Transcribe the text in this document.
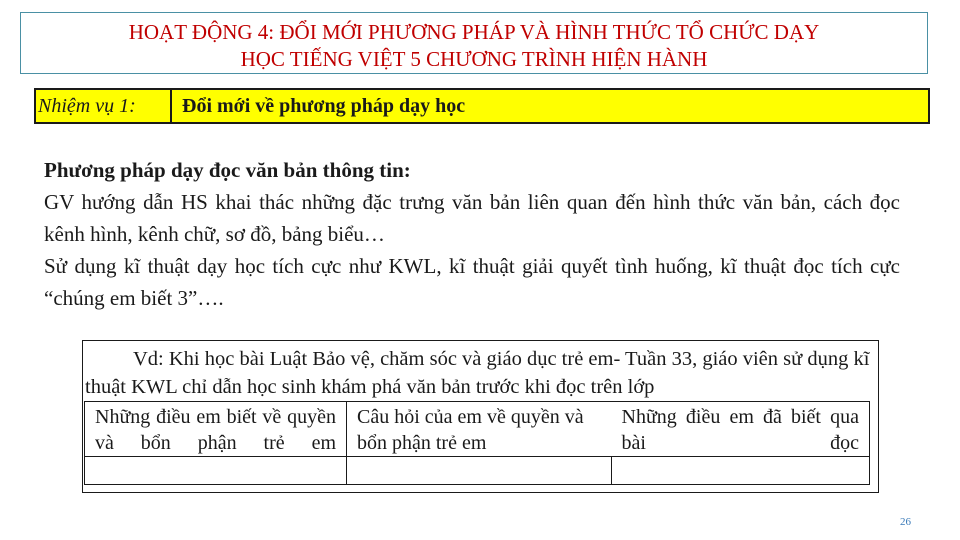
HOẠT ĐỘNG 4: ĐỔI MỚI PHƯƠNG PHÁP VÀ HÌNH THỨC TỔ CHỨC DẠY
HỌC TIẾNG VIỆT 5 CHƯƠNG TRÌNH HIỆN HÀNH
Nhiệm vụ 1:	Đổi mới về phương pháp dạy học
Phương pháp dạy đọc văn bản thông tin:
GV hướng dẫn HS khai thác những đặc trưng văn bản liên quan đến hình thức văn bản, cách đọc kênh hình, kênh chữ, sơ đồ, bảng biểu…
Sử dụng kĩ thuật dạy học tích cực như KWL, kĩ thuật giải quyết tình huống, kĩ thuật đọc tích cực “chúng em biết 3”….
Vd: Khi học bài Luật Bảo vệ, chăm sóc và giáo dục trẻ em- Tuần 33, giáo viên sử dụng kĩ thuật KWL chỉ dẫn học sinh khám phá văn bản trước khi đọc trên lớp
Những điều em biết về quyền và bổn phận trẻ em	Câu hỏi của em về quyền và bổn phận trẻ em	Những điều em đã biết qua bài đọc

26
